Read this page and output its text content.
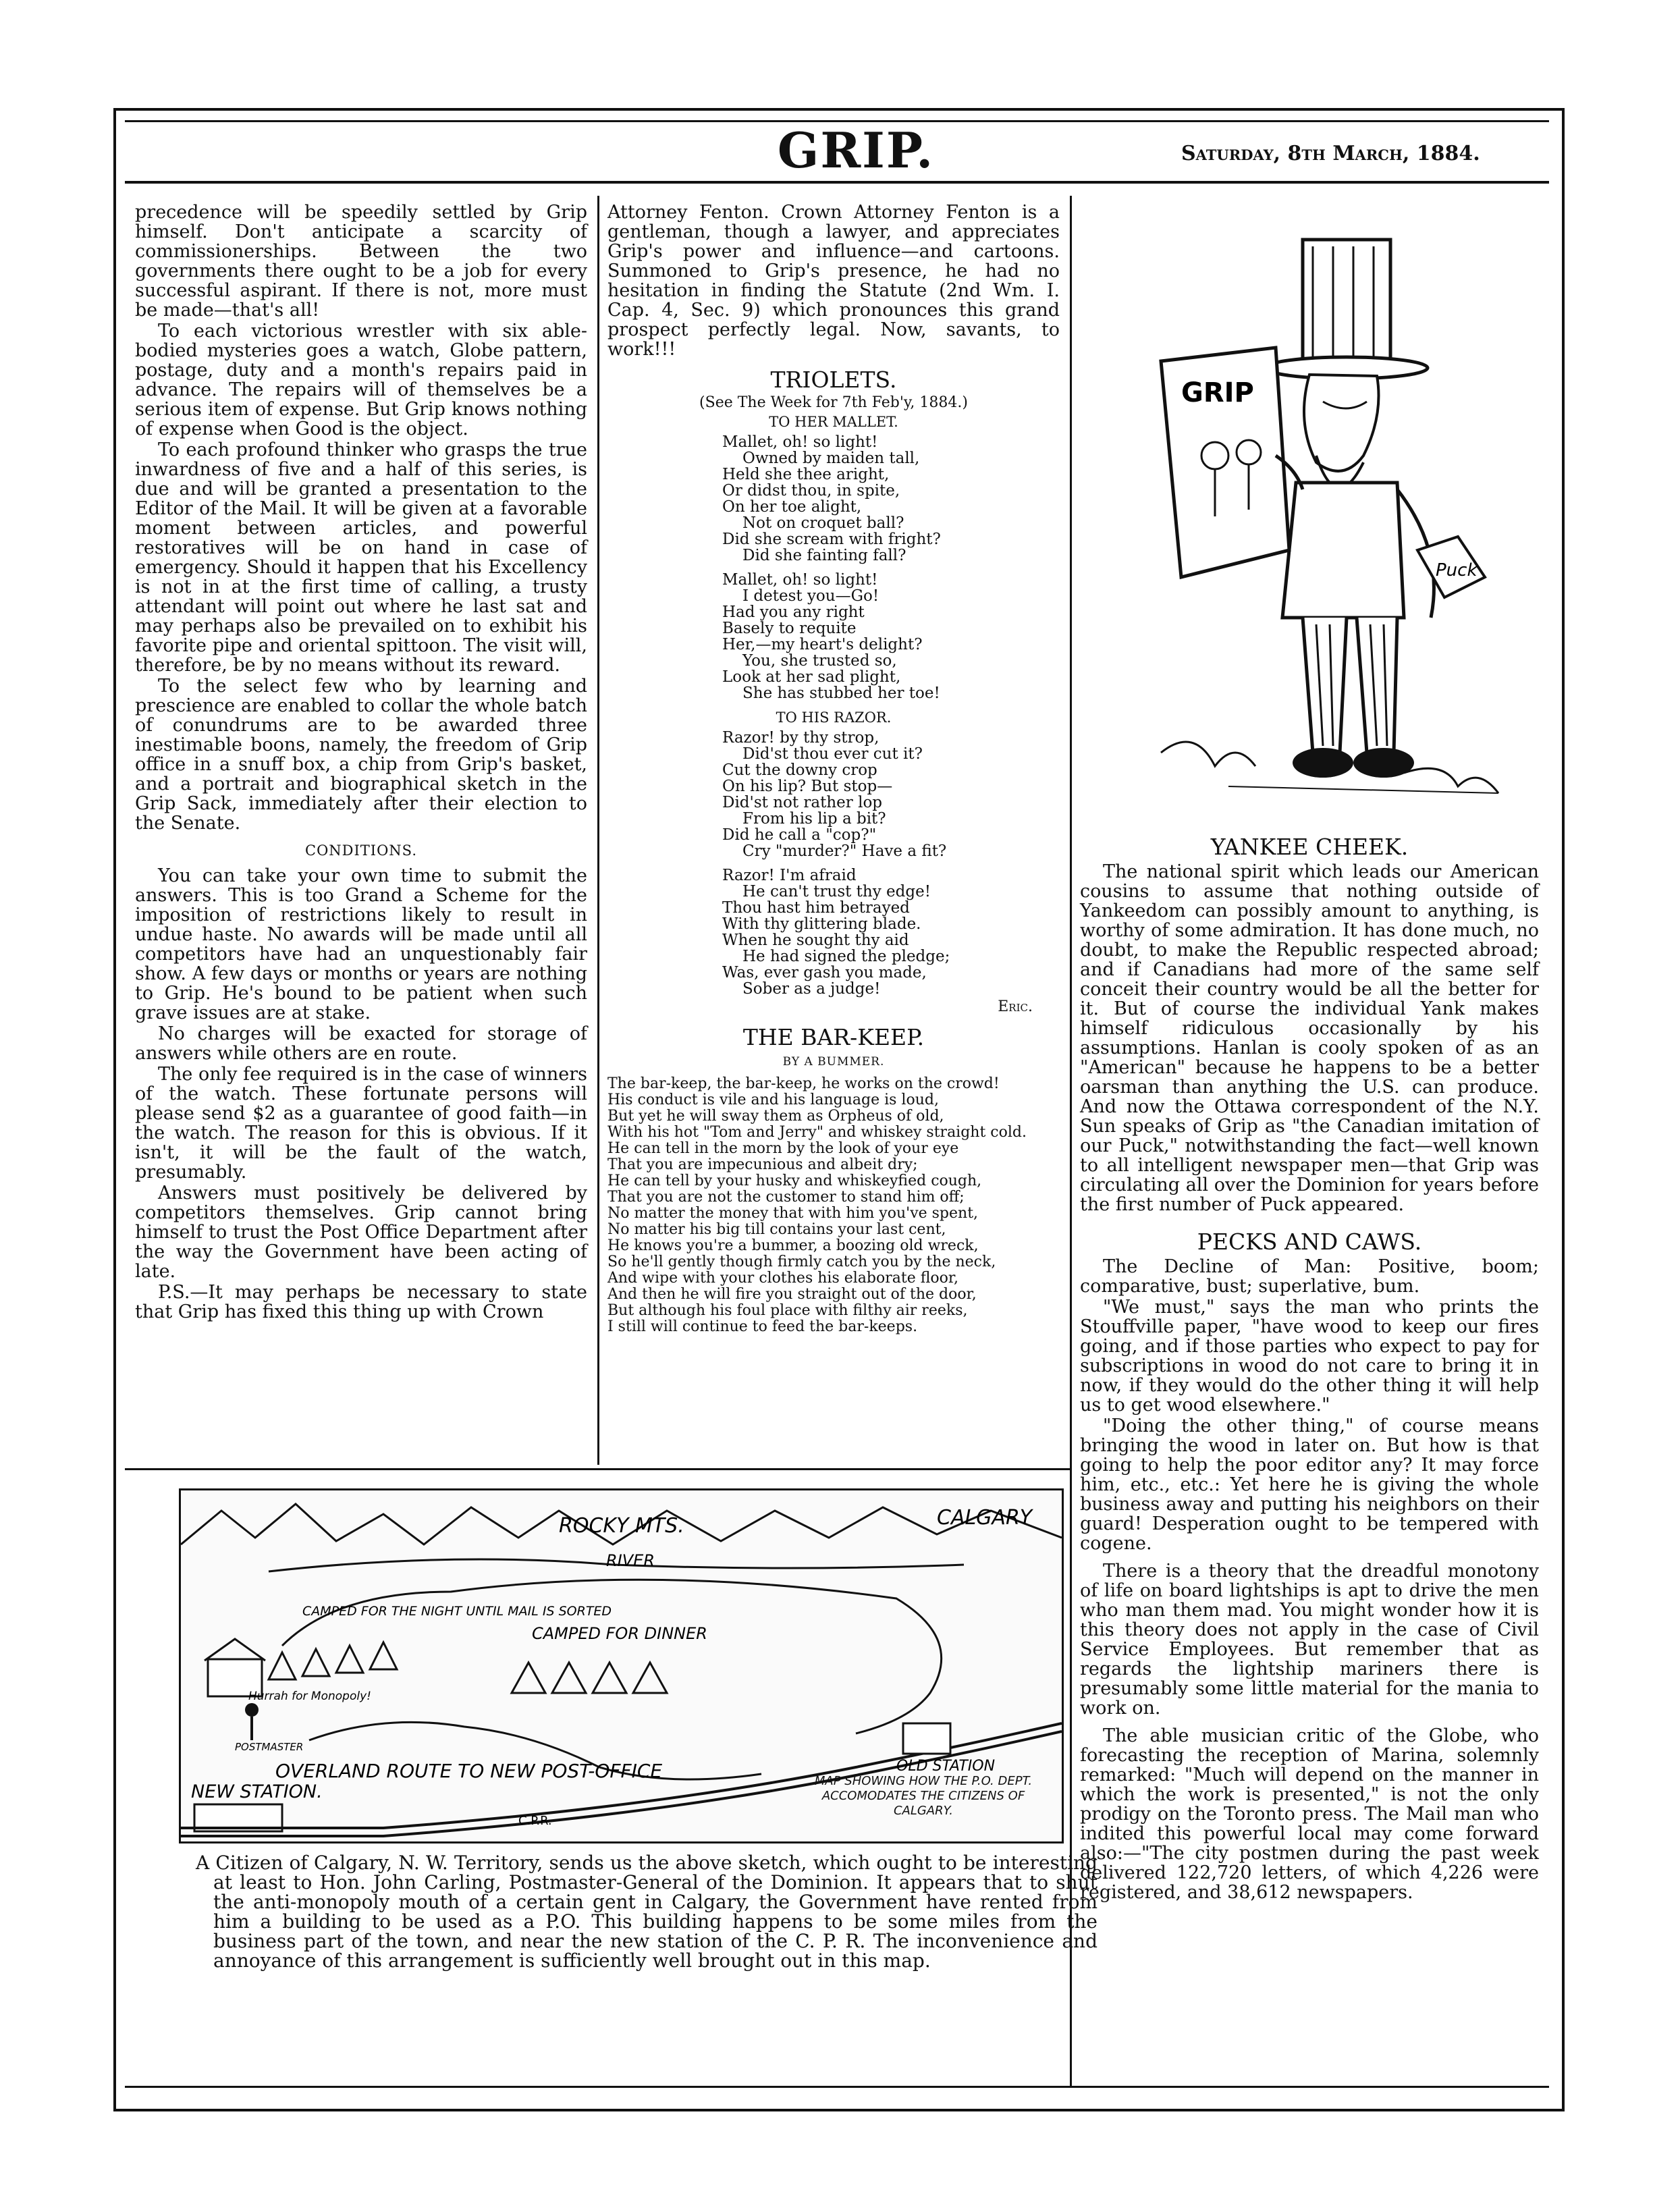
GRIP.	Saturday, 8th March, 1884.

precedence will be speedily settled by Grip himself. Don't anticipate a scarcity of commissionerships. Between the two governments there ought to be a job for every successful aspirant. If there is not, more must be made—that's all!

To each victorious wrestler with six able-bodied mysteries goes a watch, Globe pattern, postage, duty and a month's repairs paid in advance. The repairs will of themselves be a serious item of expense. But Grip knows nothing of expense when Good is the object.

To each profound thinker who grasps the true inwardness of five and a half of this series, is due and will be granted a presentation to the Editor of the Mail. It will be given at a favorable moment between articles, and powerful restoratives will be on hand in case of emergency. Should it happen that his Excellency is not in at the first time of calling, a trusty attendant will point out where he last sat and may perhaps also be prevailed on to exhibit his favorite pipe and oriental spittoon. The visit will, therefore, be by no means without its reward.

To the select few who by learning and prescience are enabled to collar the whole batch of conundrums are to be awarded three inestimable boons, namely, the freedom of Grip office in a snuff box, a chip from Grip's basket, and a portrait and biographical sketch in the Grip Sack, immediately after their election to the Senate.

CONDITIONS.

You can take your own time to submit the answers. This is too Grand a Scheme for the imposition of restrictions likely to result in undue haste. No awards will be made until all competitors have had an unquestionably fair show. A few days or months or years are nothing to Grip. He's bound to be patient when such grave issues are at stake.

No charges will be exacted for storage of answers while others are en route.

The only fee required is in the case of winners of the watch. These fortunate persons will please send $2 as a guarantee of good faith—in the watch. The reason for this is obvious. If it isn't, it will be the fault of the watch, presumably.

Answers must positively be delivered by competitors themselves. Grip cannot bring himself to trust the Post Office Department after the way the Government have been acting of late.

P.S.—It may perhaps be necessary to state that Grip has fixed this thing up with Crown

Attorney Fenton. Crown Attorney Fenton is a gentleman, though a lawyer, and appreciates Grip's power and influence—and cartoons. Summoned to Grip's presence, he had no hesitation in finding the Statute (2nd Wm. I. Cap. 4, Sec. 9) which pronounces this grand prospect perfectly legal. Now, savants, to work!!!

TRIOLETS.
(See The Week for 7th Feb'y, 1884.)
TO HER MALLET.
Mallet, oh! so light!
Owned by maiden tall,
Held she thee aright,
Or didst thou, in spite,
On her toe alight,
Not on croquet ball?
Did she scream with fright?
Did she fainting fall?
Mallet, oh! so light!
I detest you—Go!
Had you any right
Basely to requite
Her,—my heart's delight?
You, she trusted so,
Look at her sad plight,
She has stubbed her toe!
TO HIS RAZOR.
Razor! by thy strop,
Did'st thou ever cut it?
Cut the downy crop
On his lip? But stop—
Did'st not rather lop
From his lip a bit?
Did he call a "cop?"
Cry "murder?" Have a fit?
Razor! I'm afraid
He can't trust thy edge!
Thou hast him betrayed
With thy glittering blade.
When he sought thy aid
He had signed the pledge;
Was, ever gash you made,
Sober as a judge!
Eric.
THE BAR-KEEP.
BY A BUMMER.
The bar-keep, the bar-keep, he works on the crowd!
His conduct is vile and his language is loud,
But yet he will sway them as Orpheus of old,
With his hot "Tom and Jerry" and whiskey straight cold.
He can tell in the morn by the look of your eye
That you are impecunious and albeit dry;
He can tell by your husky and whiskeyfied cough,
That you are not the customer to stand him off;
No matter the money that with him you've spent,
No matter his big till contains your last cent,
He knows you're a bummer, a boozing old wreck,
So he'll gently though firmly catch you by the neck,
And wipe with your clothes his elaborate floor,
And then he will fire you straight out of the door,
But although his foul place with filthy air reeks,
I still will continue to feed the bar-keeps.
Puck
GRIP
YANKEE CHEEK.

The national spirit which leads our American cousins to assume that nothing outside of Yankeedom can possibly amount to anything, is worthy of some admiration. It has done much, no doubt, to make the Republic respected abroad; and if Canadians had more of the same self conceit their country would be all the better for it. But of course the individual Yank makes himself ridiculous occasionally by his assumptions. Hanlan is cooly spoken of as an "American" because he happens to be a better oarsman than anything the U.S. can produce. And now the Ottawa correspondent of the N.Y. Sun speaks of Grip as "the Canadian imitation of our Puck," notwithstanding the fact—well known to all intelligent newspaper men—that Grip was circulating all over the Dominion for years before the first number of Puck appeared.

PECKS AND CAWS.

The Decline of Man: Positive, boom; comparative, bust; superlative, bum.

"We must," says the man who prints the Stouffville paper, "have wood to keep our fires going, and if those parties who expect to pay for subscriptions in wood do not care to bring it in now, if they would do the other thing it will help us to get wood elsewhere."

"Doing the other thing," of course means bringing the wood in later on. But how is that going to help the poor editor any? It may force him, etc., etc.: Yet here he is giving the whole business away and putting his neighbors on their guard! Desperation ought to be tempered with cogene.

There is a theory that the dreadful monotony of life on board lightships is apt to drive the men who man them mad. You might wonder how it is this theory does not apply in the case of Civil Service Employees. But remember that as regards the lightship mariners there is presumably some little material for the mania to work on.

The able musician critic of the Globe, who forecasting the reception of Marina, solemnly remarked: "Much will depend on the manner in which the work is presented," is not the only prodigy on the Toronto press. The Mail man who indited this powerful local may come forward also:—"The city postmen during the past week delivered 122,720 letters, of which 4,226 were registered, and 38,612 newspapers.

ROCKY MTS.	CALGARY
RIVER
CAMPED FOR THE NIGHT UNTIL MAIL IS SORTED
CAMPED FOR DINNER
Hurrah for Monopoly!
POSTMASTER
OVERLAND ROUTE TO NEW POST-OFFICE
NEW STATION.
C.P.R.
OLD STATION
MAP SHOWING HOW THE P.O. DEPT. ACCOMODATES THE CITIZENS OF CALGARY.
A Citizen of Calgary, N. W. Territory, sends us the above sketch, which ought to be interesting at least to Hon. John Carling, Postmaster-General of the Dominion. It appears that to shut the anti-monopoly mouth of a certain gent in Calgary, the Government have rented from him a building to be used as a P.O. This building happens to be some miles from the business part of the town, and near the new station of the C. P. R. The inconvenience and annoyance of this arrangement is sufficiently well brought out in this map.
